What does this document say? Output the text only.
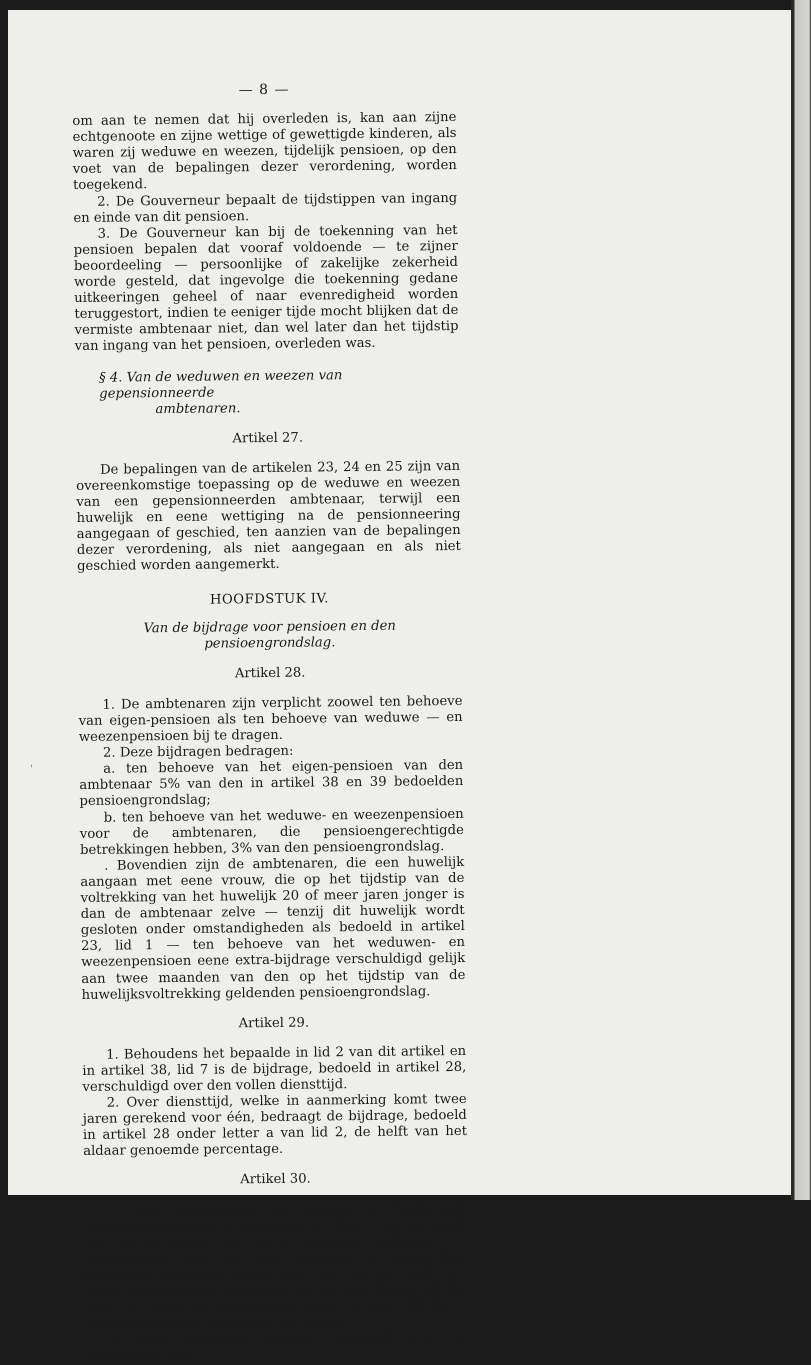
'
— 8 —

om aan te nemen dat hij overleden is, kan aan zijne echtgenoote en zijne wettige of gewettigde kinderen, als waren zij weduwe en weezen, tijdelijk pensioen, op den voet van de bepalingen dezer verordening, worden toegekend.

2. De Gouverneur bepaalt de tijdstippen van ingang en einde van dit pensioen.

3. De Gouverneur kan bij de toekenning van het pensioen bepalen dat vooraf voldoende — te zijner beoordeeling — persoonlijke of zakelijke zekerheid worde gesteld, dat ingevolge die toekenning gedane uitkeeringen geheel of naar evenredigheid worden teruggestort, indien te eeniger tijde mocht blijken dat de vermiste ambtenaar niet, dan wel later dan het tijdstip van ingang van het pensioen, overleden was.

§ 4. Van de weduwen en weezen van gepensionneerde
ambtenaren.
Artikel 27.

De bepalingen van de artikelen 23, 24 en 25 zijn van overeenkomstige toepassing op de weduwe en weezen van een gepensionneerden ambtenaar, terwijl een huwelijk en eene wettiging na de pensionneering aangegaan of geschied, ten aanzien van de bepalingen dezer verordening, als niet aangegaan en als niet geschied worden aangemerkt.

HOOFDSTUK IV.
Van de bijdrage voor pensioen en den pensioengrondslag.
Artikel 28.

1. De ambtenaren zijn verplicht zoowel ten behoeve van eigen-pensioen als ten behoeve van weduwe — en weezenpensioen bij te dragen.

2. Deze bijdragen bedragen:

a. ten behoeve van het eigen-pensioen van den ambtenaar 5% van den in artikel 38 en 39 bedoelden pensioengrondslag;

b. ten behoeve van het weduwe- en weezenpensioen voor de ambtenaren, die pensioengerechtigde betrekkingen hebben, 3% van den pensioengrondslag.

. Bovendien zijn de ambtenaren, die een huwelijk aangaan met eene vrouw, die op het tijdstip van de voltrekking van het huwelijk 20 of meer jaren jonger is dan de ambtenaar zelve — tenzij dit huwelijk wordt gesloten onder omstandigheden als bedoeld in artikel 23, lid 1 — ten behoeve van het weduwen- en weezenpensioen eene extra-bijdrage verschuldigd gelijk aan twee maanden van den op het tijdstip van de huwelijksvoltrekking geldenden pensioengrondslag.

Artikel 29.

1. Behoudens het bepaalde in lid 2 van dit artikel en in artikel 38, lid 7 is de bijdrage, bedoeld in artikel 28, verschuldigd over den vollen diensttijd.

2. Over diensttijd, welke in aanmerking komt twee jaren gerekend voor één, bedraagt de bijdrage, bedoeld in artikel 28 onder letter a van lid 2, de helft van het aldaar genoemde percentage.

Artikel 30.

1. Voor ambtenaren, die tevoren in Nederland, Nederlandsch-Indie of Suriname in dienst zijn geweest, zijn de in artikel 28, lid 2 bedoelde bijdragen ook verschuldigd over den voor pensioen in aanmerking komenden diensttijd, elders door hen vervuld, mits niet reeds met pensioen vergolden, terwijl voor diensttijd, die voor de helft in aanmerking komt, artikel 29 lid 2 overeenkomstige toepassing zal vinden.

2. Deze bijdragen worden berekend over de bezoldiging door
